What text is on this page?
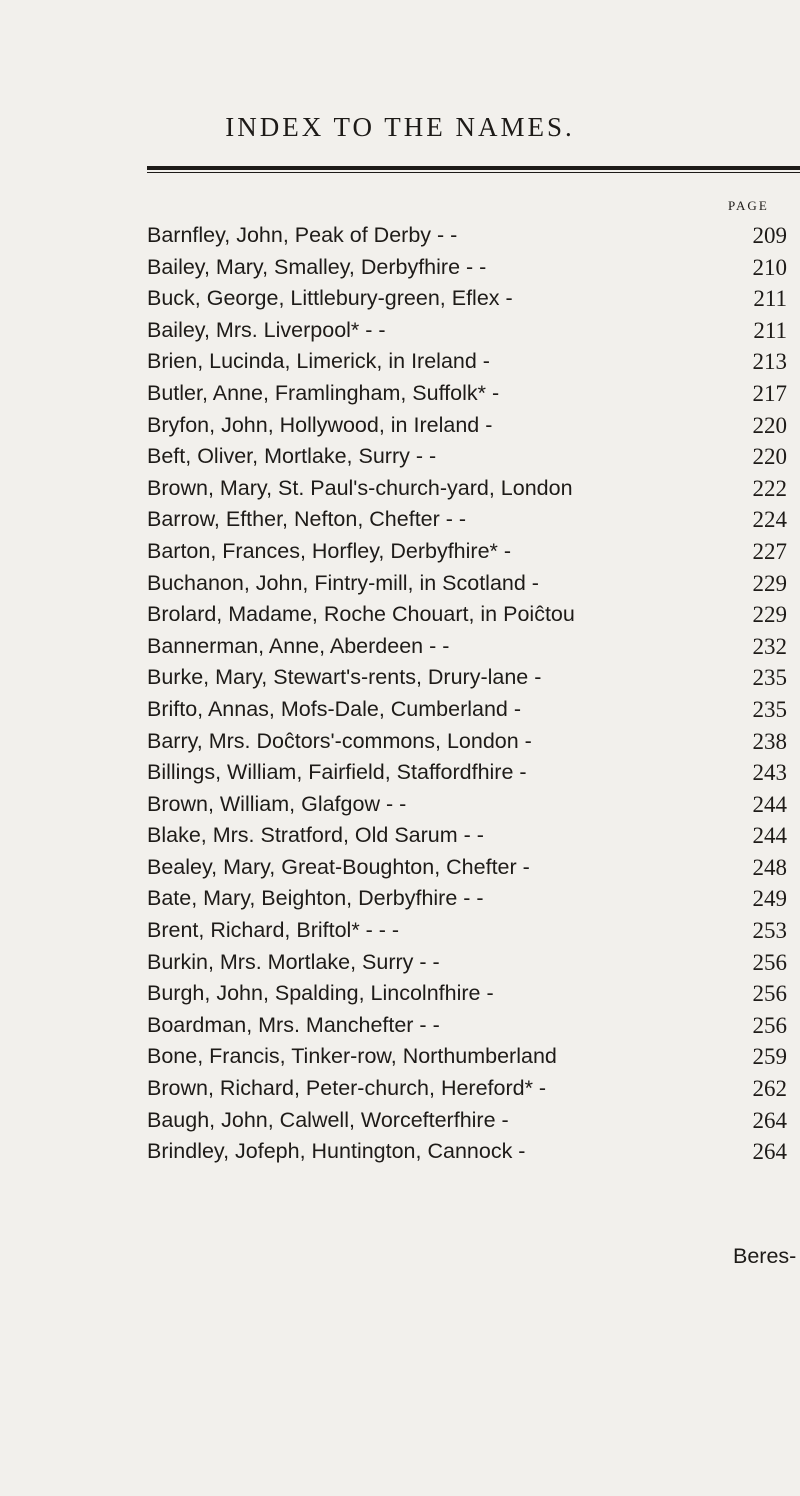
INDEX TO THE NAMES.
PAGE
Barnfley, John, Peak of Derby - -	209
Bailey, Mary, Smalley, Derbyfhire - -	210
Buck, George, Littlebury-green, Eflex -	211
Bailey, Mrs. Liverpool* - -	211
Brien, Lucinda, Limerick, in Ireland -	213
Butler, Anne, Framlingham, Suffolk* -	217
Bryfon, John, Hollywood, in Ireland -	220
Beft, Oliver, Mortlake, Surry - -	220
Brown, Mary, St. Paul's-church-yard, London	222
Barrow, Efther, Nefton, Chefter - -	224
Barton, Frances, Horfley, Derbyfhire* -	227
Buchanon, John, Fintry-mill, in Scotland -	229
Brolard, Madame, Roche Chouart, in Poiĉtou	229
Bannerman, Anne, Aberdeen - -	232
Burke, Mary, Stewart's-rents, Drury-lane -	235
Brifto, Annas, Mofs-Dale, Cumberland -	235
Barry, Mrs. Doĉtors'-commons, London -	238
Billings, William, Fairfield, Staffordfhire -	243
Brown, William, Glafgow - -	244
Blake, Mrs. Stratford, Old Sarum - -	244
Bealey, Mary, Great-Boughton, Chefter -	248
Bate, Mary, Beighton, Derbyfhire - -	249
Brent, Richard, Briftol* - - -	253
Burkin, Mrs. Mortlake, Surry - -	256
Burgh, John, Spalding, Lincolnfhire -	256
Boardman, Mrs. Manchefter - -	256
Bone, Francis, Tinker-row, Northumberland	259
Brown, Richard, Peter-church, Hereford* -	262
Baugh, John, Calwell, Worcefterfhire -	264
Brindley, Jofeph, Huntington, Cannock -	264
Beres-
